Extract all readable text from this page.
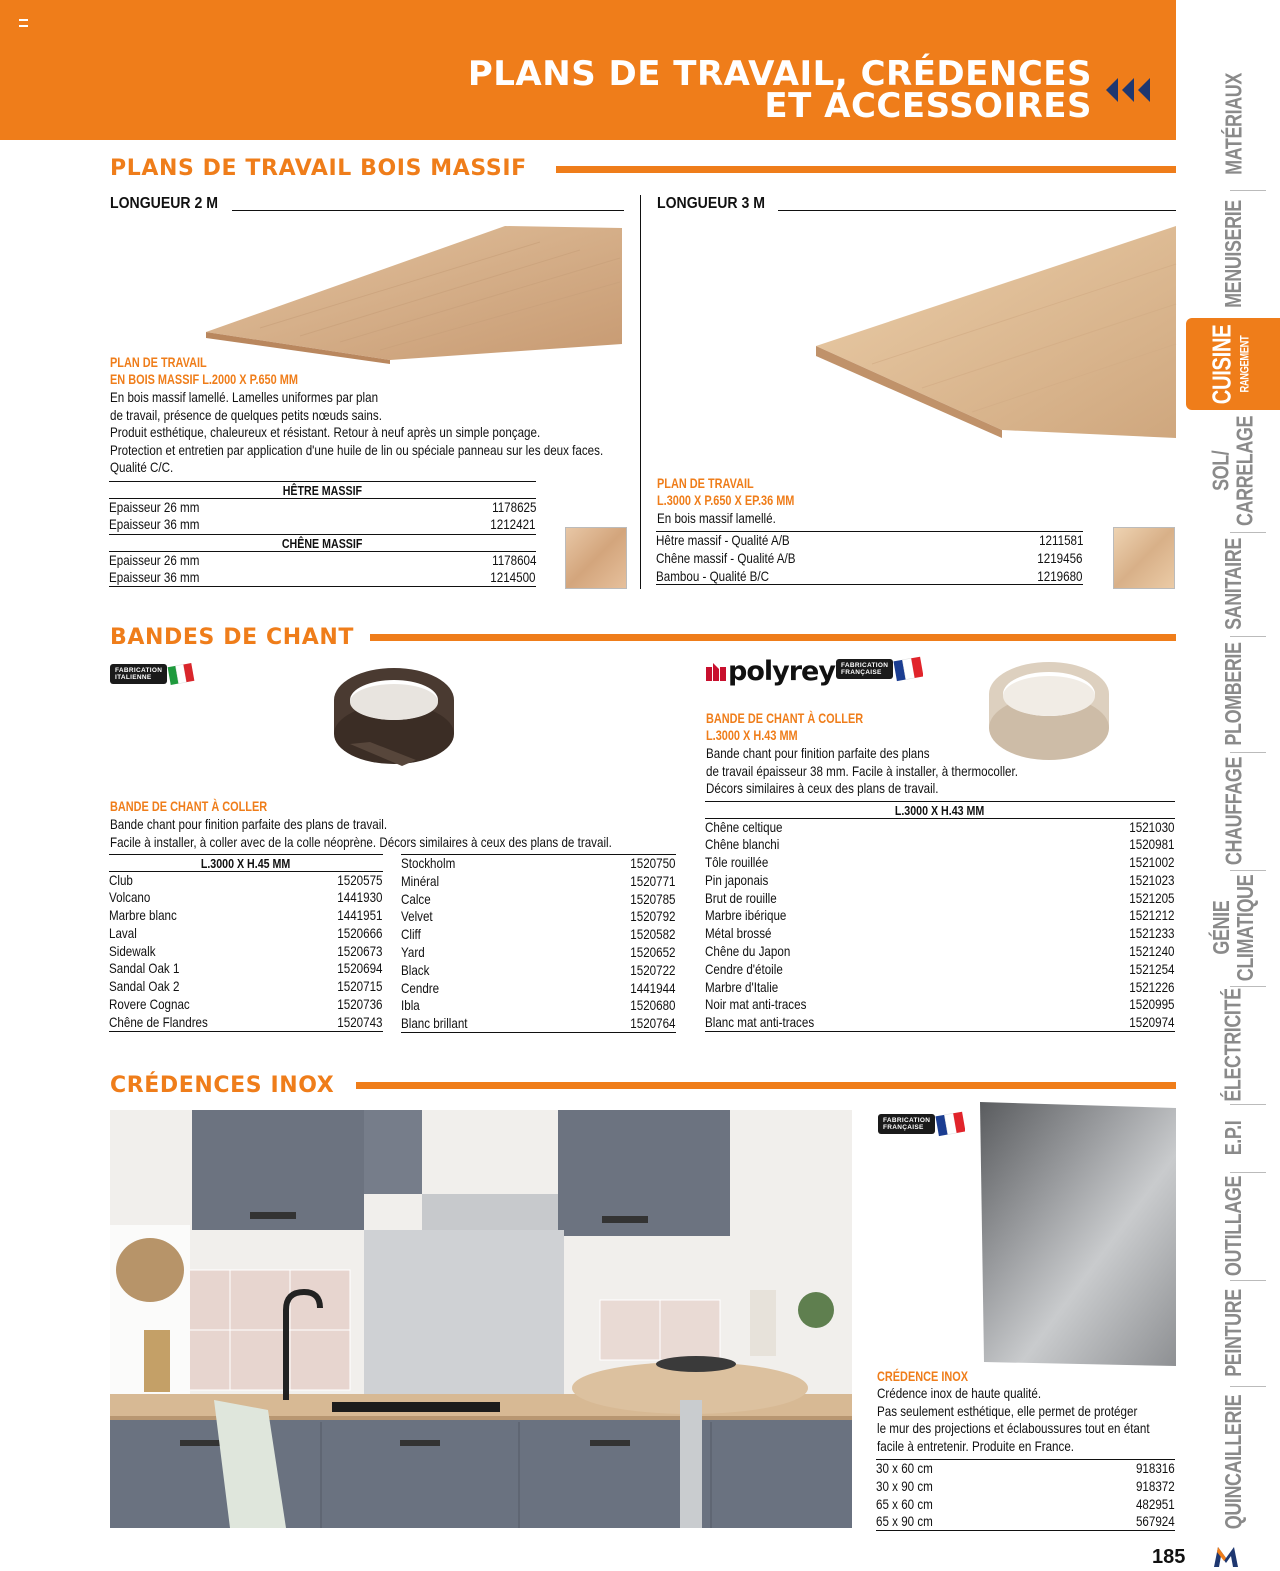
PLANS DE TRAVAIL, CRÉDENCES
ET ACCESSOIRES
PLANS DE TRAVAIL BOIS MASSIF
LONGUEUR 2 M
PLAN DE TRAVAIL
EN BOIS MASSIF L.2000 X P.650 MM
En bois massif lamellé. Lamelles uniformes par plan
de travail, présence de quelques petits nœuds sains.
Produit esthétique, chaleureux et résistant. Retour à neuf après un simple ponçage.
Protection et entretien par application d'une huile de lin ou spéciale panneau sur les deux faces.
Qualité C/C.
HÊTRE MASSIF
Epaisseur 26 mm	1178625
Epaisseur 36 mm	1212421
CHÊNE MASSIF
Epaisseur 26 mm	1178604
Epaisseur 36 mm	1214500
LONGUEUR 3 M
PLAN DE TRAVAIL
L.3000 X P.650 X EP.36 MM
En bois massif lamellé.
Hêtre massif - Qualité A/B	1211581
Chêne massif - Qualité A/B	1219456
Bambou - Qualité B/C	1219680
BANDES DE CHANT
FABRICATION
ITALIENNE
BANDE DE CHANT À COLLER
Bande chant pour finition parfaite des plans de travail.
Facile à installer, à coller avec de la colle néoprène. Décors similaires à ceux des plans de travail.
L.3000 X H.45 MM
Club	1520575
Volcano	1441930
Marbre blanc	1441951
Laval	1520666
Sidewalk	1520673
Sandal Oak 1	1520694
Sandal Oak 2	1520715
Rovere Cognac	1520736
Chêne de Flandres	1520743
Stockholm	1520750
Minéral	1520771
Calce	1520785
Velvet	1520792
Cliff	1520582
Yard	1520652
Black	1520722
Cendre	1441944
Ibla	1520680
Blanc brillant	1520764
polyrey FABRICATION
FRANÇAISE
BANDE DE CHANT À COLLER
L.3000 X H.43 MM
Bande chant pour finition parfaite des plans
de travail épaisseur 38 mm. Facile à installer, à thermocoller.
Décors similaires à ceux des plans de travail.
L.3000 X H.43 MM
Chêne celtique	1521030
Chêne blanchi	1520981
Tôle rouillée	1521002
Pin japonais	1521023
Brut de rouille	1521205
Marbre ibérique	1521212
Métal brossé	1521233
Chêne du Japon	1521240
Cendre d'étoile	1521254
Marbre d'Italie	1521226
Noir mat anti-traces	1520995
Blanc mat anti-traces	1520974
CRÉDENCES INOX
FABRICATION
FRANÇAISE
CRÉDENCE INOX
Crédence inox de haute qualité.
Pas seulement esthétique, elle permet de protéger
le mur des projections et éclaboussures tout en étant
facile à entretenir. Produite en France.
30 x 60 cm	918316
30 x 90 cm	918372
65 x 60 cm	482951
65 x 90 cm	567924
MATÉRIAUX
MENUISERIE
CUISINE RANGEMENT
SOL/
CARRELAGE
SANITAIRE
PLOMBERIE
CHAUFFAGE
GÉNIE
CLIMATIQUE
ÉLECTRICITÉ
E.P.I
OUTILLAGE
PEINTURE
QUINCAILLERIE
185
